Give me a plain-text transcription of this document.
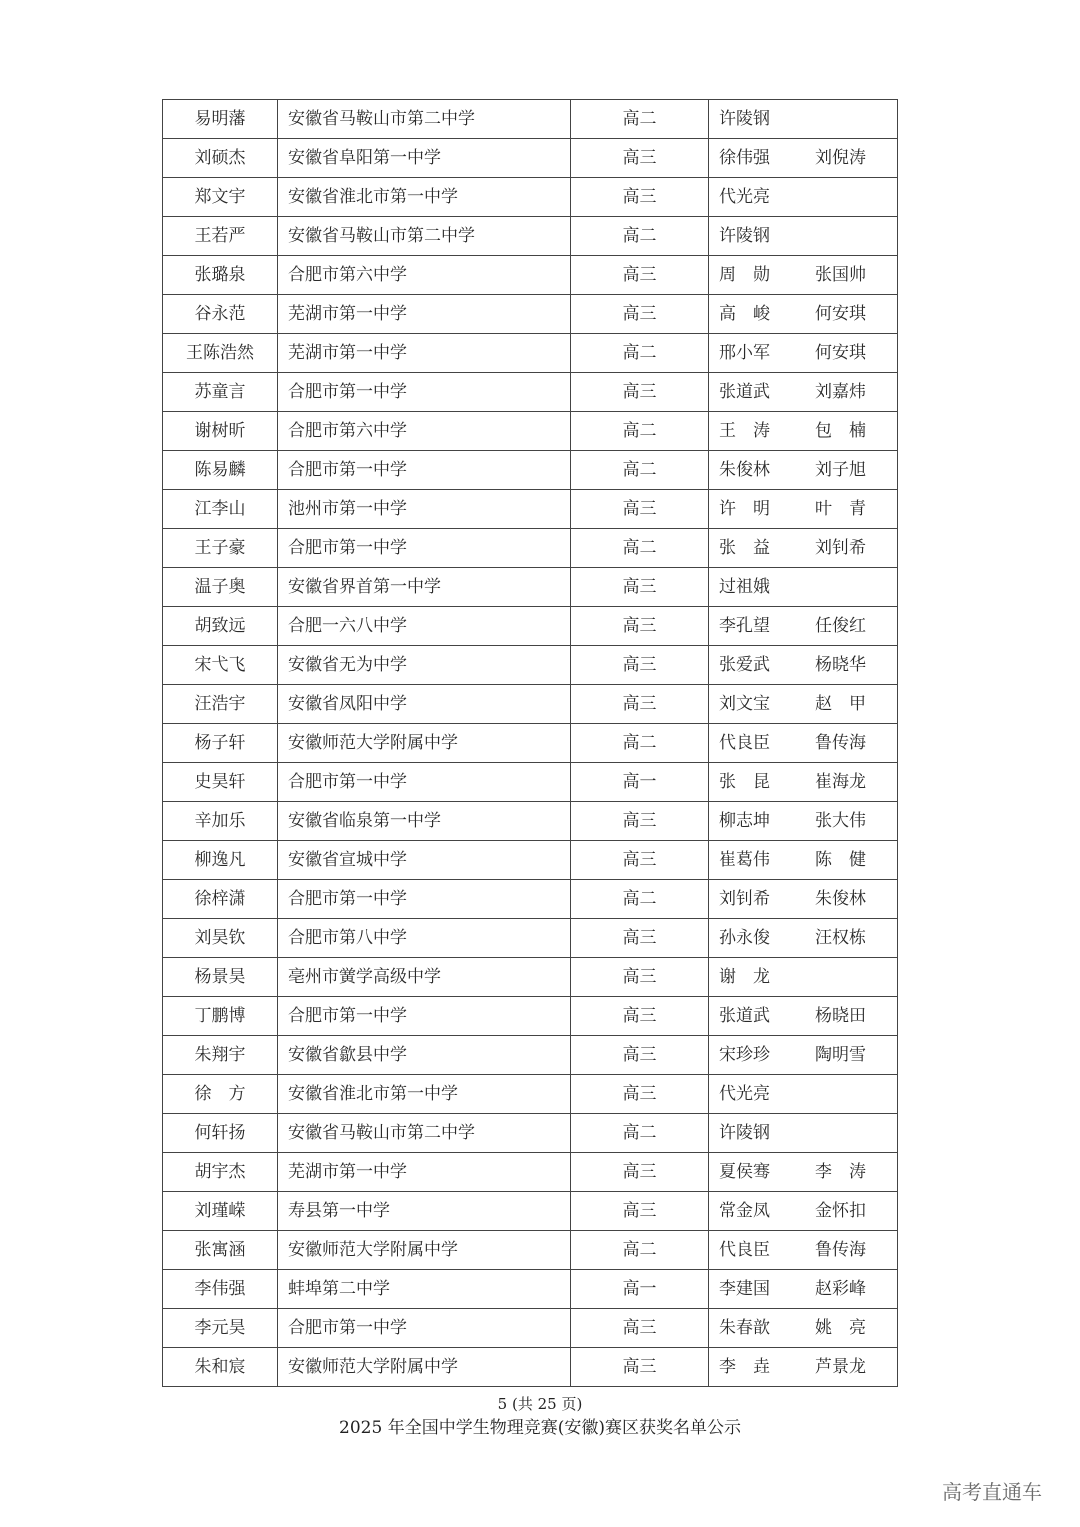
易明藩	安徽省马鞍山市第二中学	高二	许陵钢
刘硕杰	安徽省阜阳第一中学	高三	徐伟强 刘倪涛
郑文宇	安徽省淮北市第一中学	高三	代光亮
王若严	安徽省马鞍山市第二中学	高二	许陵钢
张璐泉	合肥市第六中学	高三	周　勋 张国帅
谷永范	芜湖市第一中学	高三	高　峻 何安琪
王陈浩然	芜湖市第一中学	高二	邢小军 何安琪
苏童言	合肥市第一中学	高三	张道武 刘嘉炜
谢树昕	合肥市第六中学	高二	王　涛 包　楠
陈易麟	合肥市第一中学	高二	朱俊林 刘子旭
江李山	池州市第一中学	高三	许　明 叶　青
王子豪	合肥市第一中学	高二	张　益 刘钊希
温子奥	安徽省界首第一中学	高三	过祖娥
胡致远	合肥一六八中学	高三	李孔望 任俊红
宋弋飞	安徽省无为中学	高三	张爱武 杨晓华
汪浩宇	安徽省凤阳中学	高三	刘文宝 赵　甲
杨子轩	安徽师范大学附属中学	高二	代良臣 鲁传海
史昊轩	合肥市第一中学	高一	张　昆 崔海龙
辛加乐	安徽省临泉第一中学	高三	柳志坤 张大伟
柳逸凡	安徽省宣城中学	高三	崔葛伟 陈　健
徐梓潇	合肥市第一中学	高二	刘钊希 朱俊林
刘昊钦	合肥市第八中学	高三	孙永俊 汪权栋
杨景昊	亳州市黉学高级中学	高三	谢　龙
丁鹏博	合肥市第一中学	高三	张道武 杨晓田
朱翔宇	安徽省歙县中学	高三	宋珍珍 陶明雪
徐　方	安徽省淮北市第一中学	高三	代光亮
何轩扬	安徽省马鞍山市第二中学	高二	许陵钢
胡宇杰	芜湖市第一中学	高三	夏侯骞 李　涛
刘瑾嵘	寿县第一中学	高三	常金凤 金怀扣
张寓涵	安徽师范大学附属中学	高二	代良臣 鲁传海
李伟强	蚌埠第二中学	高一	李建国 赵彩峰
李元昊	合肥市第一中学	高三	朱春歆 姚　亮
朱和宸	安徽师范大学附属中学	高三	李　垚 芦景龙
5 (共 25 页)
2025 年全国中学生物理竞赛(安徽)赛区获奖名单公示
高考直通车
